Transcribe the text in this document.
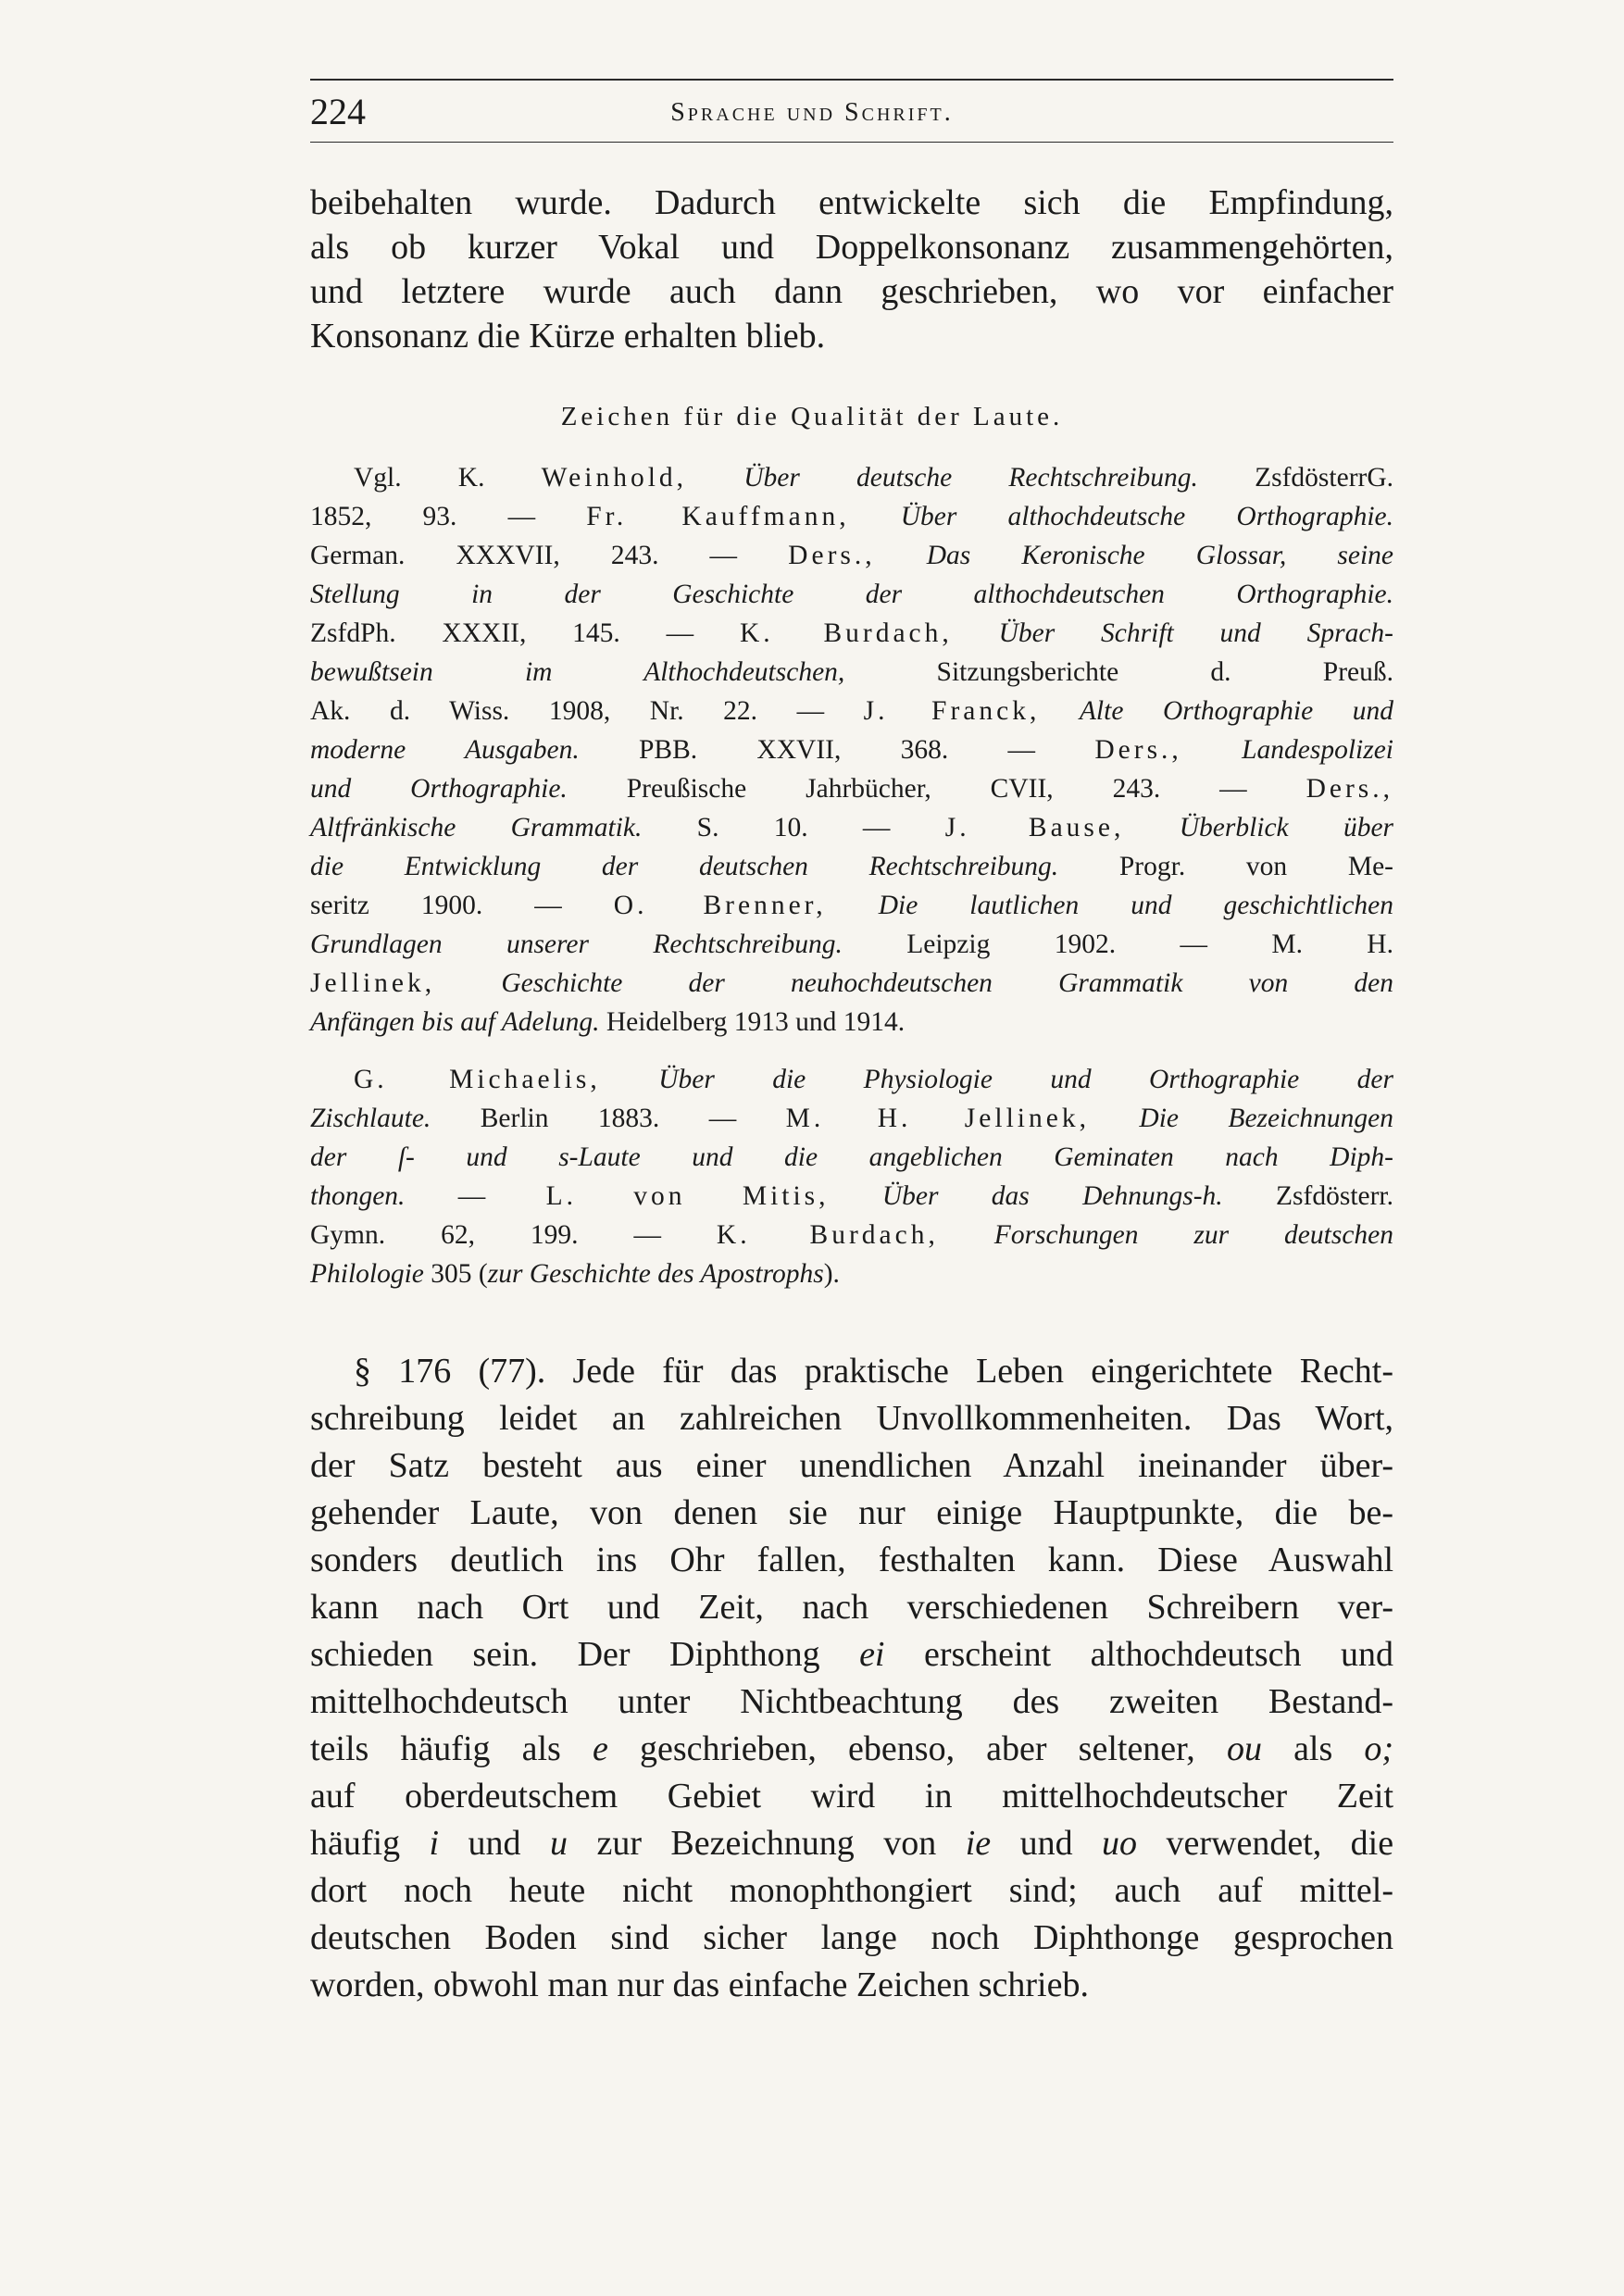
224	Sprache und Schrift.
beibehalten wurde. Dadurch entwickelte sich die Empfindung,
als ob kurzer Vokal und Doppelkonsonanz zusammengehörten,
und letztere wurde auch dann geschrieben, wo vor einfacher
Konsonanz die Kürze erhalten blieb.
Zeichen für die Qualität der Laute.
Vgl. K. Weinhold, Über deutsche Rechtschreibung. ZsfdösterrG.
1852, 93. — Fr. Kauffmann, Über althochdeutsche Orthographie.
German. XXXVII, 243. — Ders., Das Keronische Glossar, seine
Stellung in der Geschichte der althochdeutschen Orthographie.
ZsfdPh. XXXII, 145. — K. Burdach, Über Schrift und Sprach-
bewußtsein im Althochdeutschen,	Sitzungsberichte d. Preuß.
Ak. d. Wiss. 1908, Nr. 22. — J. Franck, Alte Orthographie und
moderne Ausgaben. PBB. XXVII, 368. — Ders., Landespolizei
und Orthographie. Preußische Jahrbücher, CVII, 243. — Ders.,
Altfränkische Grammatik. S. 10. — J. Bause, Überblick über
die Entwicklung der deutschen Rechtschreibung. Progr. von Me-
seritz 1900. — O. Brenner, Die lautlichen und geschichtlichen
Grundlagen unserer Rechtschreibung. Leipzig 1902. — M. H.
Jellinek, Geschichte der neuhochdeutschen Grammatik von den
Anfängen bis auf Adelung. Heidelberg 1913 und 1914.
G. Michaelis, Über die Physiologie und Orthographie der
Zischlaute. Berlin 1883. — M. H. Jellinek, Die Bezeichnungen
der ſ- und s-Laute und die angeblichen Geminaten nach Diph-
thongen. — L. von Mitis, Über das Dehnungs-h. Zsfdösterr.
Gymn. 62, 199. — K. Burdach, Forschungen zur deutschen
Philologie 305 (zur Geschichte des Apostrophs).
§ 176 (77). Jede für das praktische Leben eingerichtete Recht-
schreibung leidet an zahlreichen Unvollkommenheiten. Das Wort,
der Satz besteht aus einer unendlichen Anzahl ineinander über-
gehender Laute, von denen sie nur einige Hauptpunkte, die be-
sonders deutlich ins Ohr fallen, festhalten kann. Diese Auswahl
kann nach Ort und Zeit, nach verschiedenen Schreibern ver-
schieden sein. Der Diphthong ei erscheint althochdeutsch und
mittelhochdeutsch unter Nichtbeachtung des zweiten Bestand-
teils häufig als e geschrieben, ebenso, aber seltener, ou als o;
auf oberdeutschem Gebiet wird in mittelhochdeutscher Zeit
häufig i und u zur Bezeichnung von ie und uo verwendet, die
dort noch heute nicht monophthongiert sind; auch auf mittel-
deutschen Boden sind sicher lange noch Diphthonge gesprochen
worden, obwohl man nur das einfache Zeichen schrieb.
